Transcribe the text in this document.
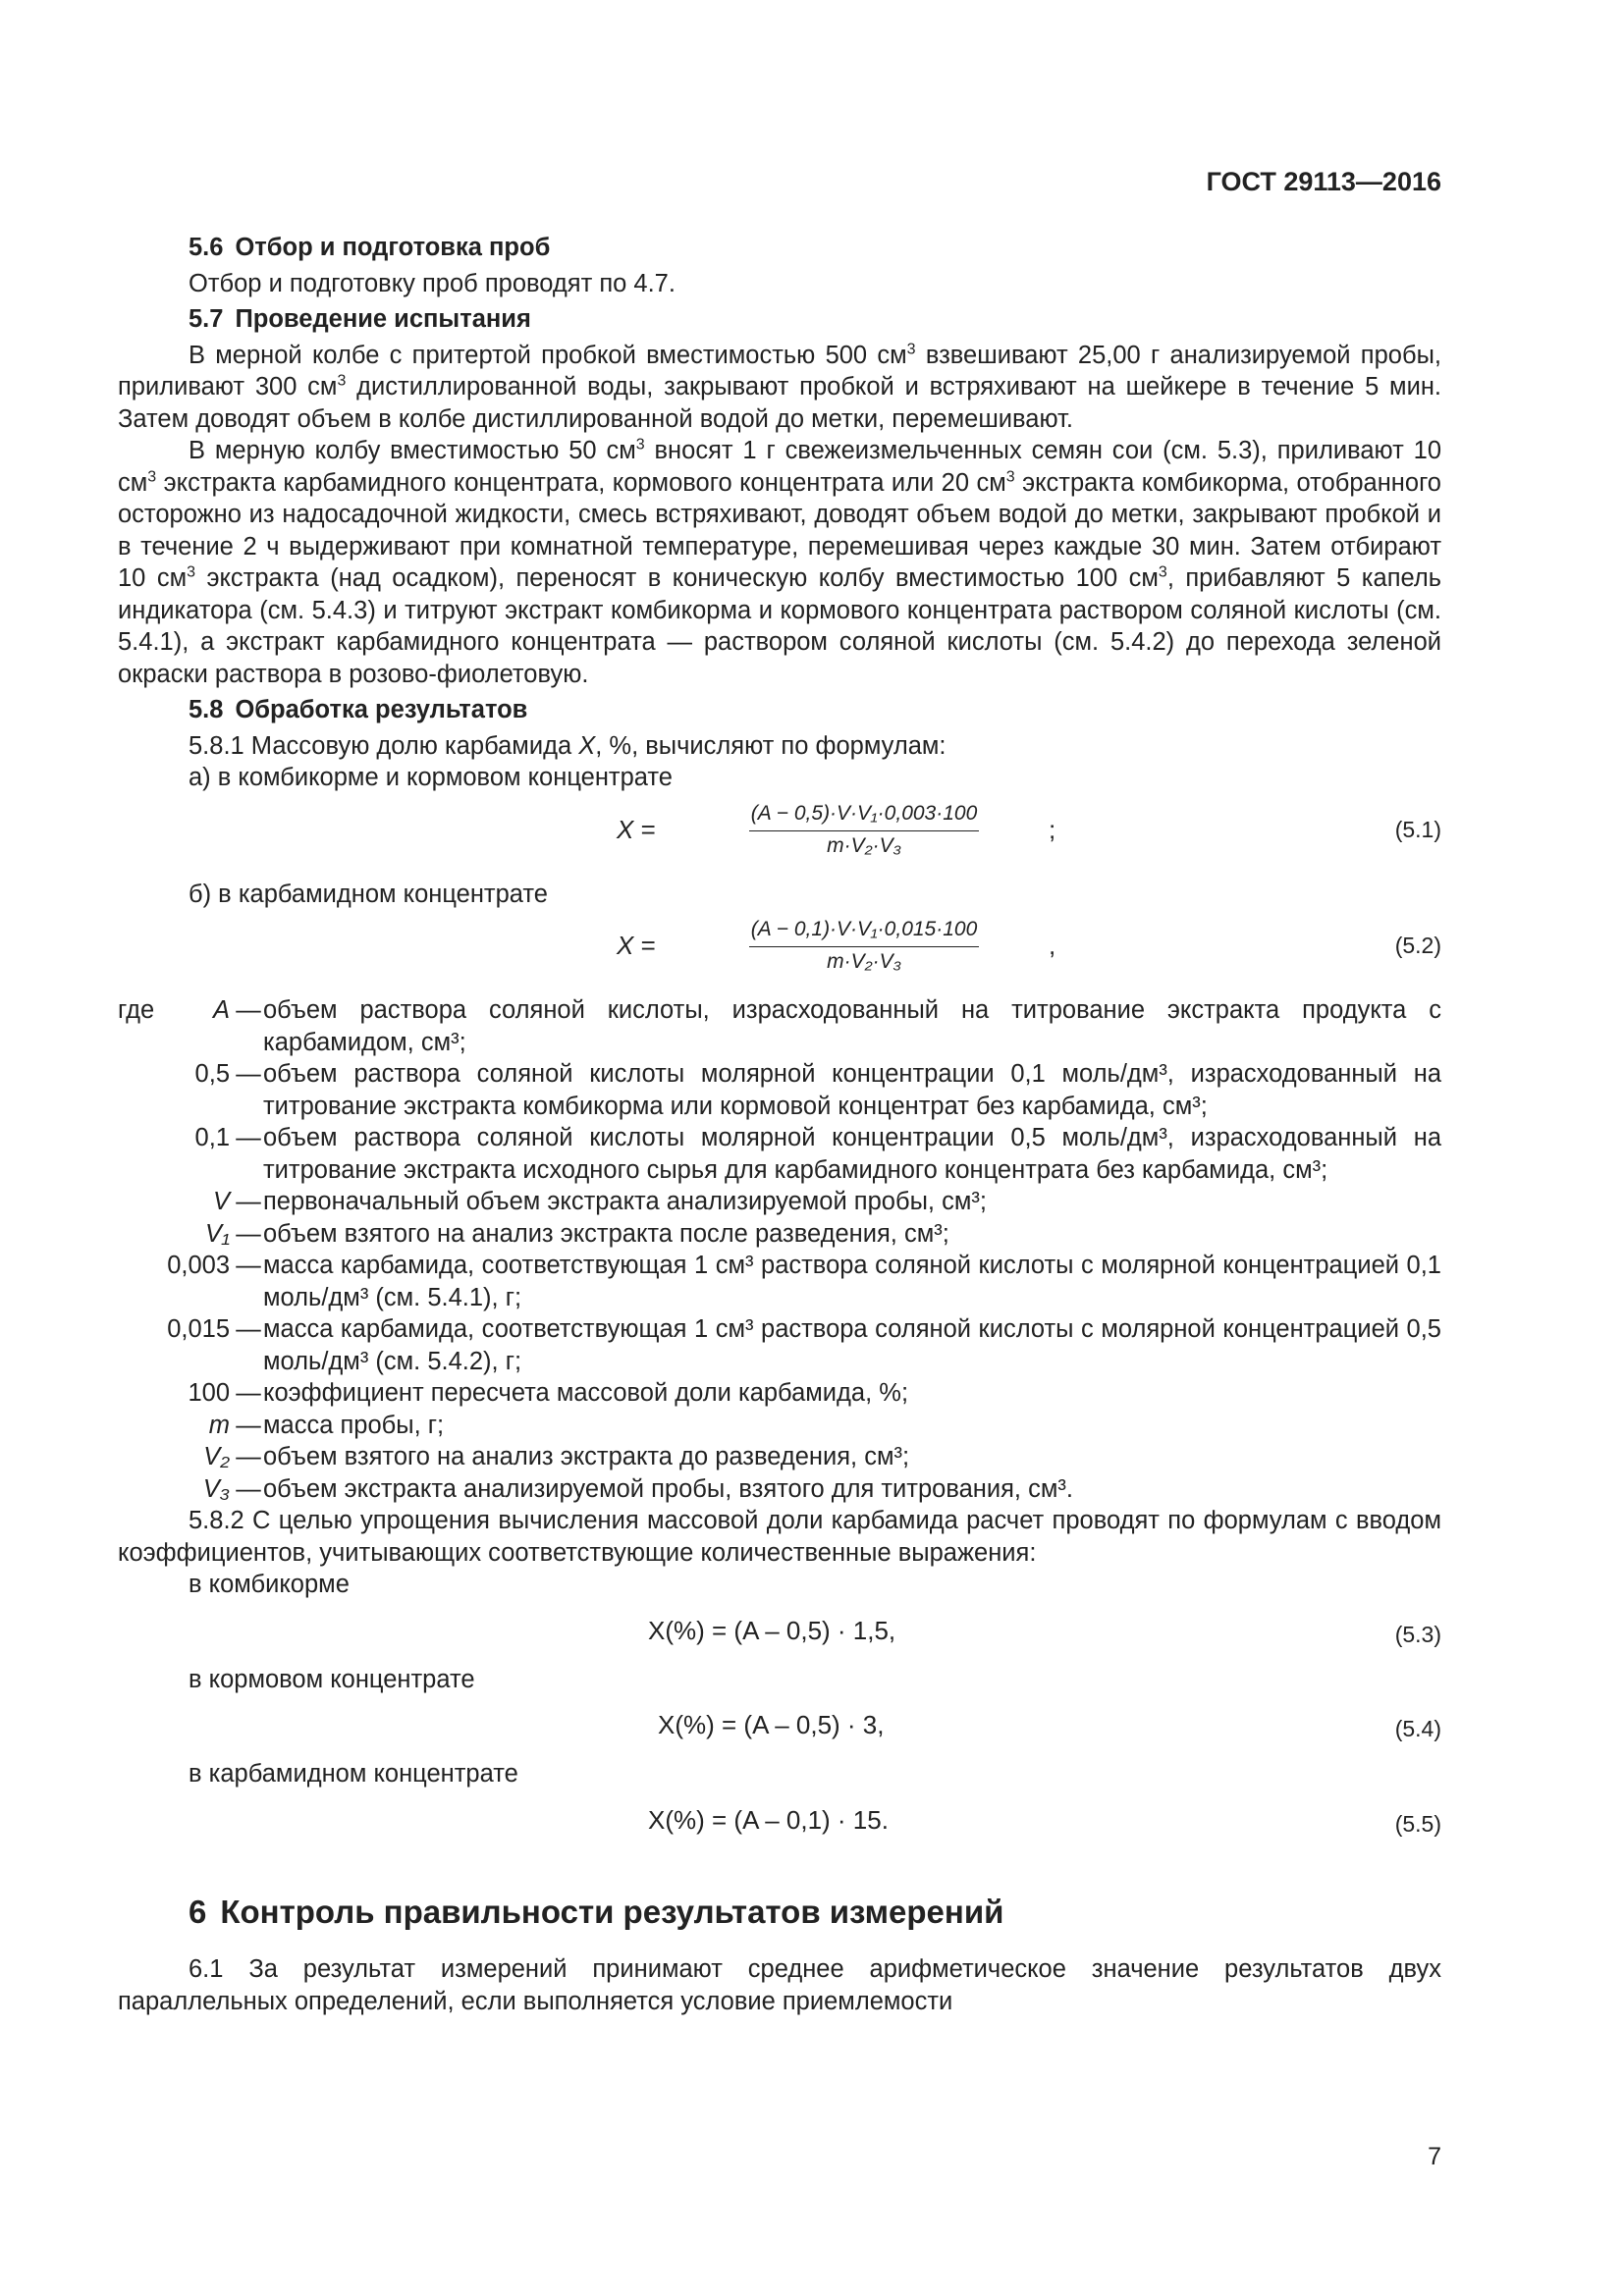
ГОСТ 29113—2016

5.6 Отбор и подготовка проб

Отбор и подготовку проб проводят по 4.7.

5.7 Проведение испытания

В мерной колбе с притертой пробкой вместимостью 500 $см^3$ взвешивают 25,00 г анализируемой пробы, приливают 300 $см^3$ дистиллированной воды, закрывают пробкой и встряхивают на шейкере в течение 5 мин. Затем доводят объем в колбе дистиллированной водой до метки, перемешивают.

В мерную колбу вместимостью 50 $см^3$ вносят 1 г свежеизмельченных семян сои (см. 5.3), приливают 10 $см^3$ экстракта карбамидного концентрата, кормового концентрата или 20 $см^3$ экстракта комбикорма, отобранного осторожно из надосадочной жидкости, смесь встряхивают, доводят объем водой до метки, закрывают пробкой и в течение 2 ч выдерживают при комнатной температуре, перемешивая через каждые 30 мин. Затем отбирают 10 $см^3$ экстракта (над осадком), переносят в коническую колбу вместимостью 100 $см^3$, прибавляют 5 капель индикатора (см. 5.4.3) и титруют экстракт комбикорма и кормового концентрата раствором соляной кислоты (см. 5.4.1), а экстракт карбамидного концентрата — раствором соляной кислоты (см. 5.4.2) до перехода зеленой окраски раствора в розово-фиолетовую.

5.8 Обработка результатов

5.8.1 Массовую долю карбамида X, %, вычисляют по формулам:

а) в комбикорме и кормовом концентрате

$X = \frac{\text{(A − 0,5)·V·V₁·0,003·100}}{\text{m·V₂·V₃}}$
;	(5.1)

б) в карбамидном концентрате

$X = \frac{\text{(A − 0,1)·V·V₁·0,015·100}}{\text{m·V₂·V₃}}$
,	(5.2)
где A — объем раствора соляной кислоты, израсходованный на титрование экстракта продукта с карбамидом, см³;
0,5 — объем раствора соляной кислоты молярной концентрации 0,1 моль/дм³, израсходованный на титрование экстракта комбикорма или кормовой концентрат без карбамида, см³;
0,1 — объем раствора соляной кислоты молярной концентрации 0,5 моль/дм³, израсходованный на титрование экстракта исходного сырья для карбамидного концентрата без карбамида, см³;
V — первоначальный объем экстракта анализируемой пробы, см³;
V₁ — объем взятого на анализ экстракта после разведения, см³;
0,003 — масса карбамида, соответствующая 1 см³ раствора соляной кислоты с молярной концентрацией 0,1 моль/дм³ (см. 5.4.1), г;
0,015 — масса карбамида, соответствующая 1 см³ раствора соляной кислоты с молярной концентрацией 0,5 моль/дм³ (см. 5.4.2), г;
100 — коэффициент пересчета массовой доли карбамида, %;
m — масса пробы, г;
V₂ — объем взятого на анализ экстракта до разведения, см³;
V₃ — объем экстракта анализируемой пробы, взятого для титрования, см³.

5.8.2 С целью упрощения вычисления массовой доли карбамида расчет проводят по формулам с вводом коэффициентов, учитывающих соответствующие количественные выражения:

в комбикорме

X(%) = (A – 0,5) · 1,5,	(5.3)

в кормовом концентрате

X(%) = (A – 0,5) · 3,	(5.4)

в карбамидном концентрате

X(%) = (A – 0,1) · 15.	(5.5)

6 Контроль правильности результатов измерений

6.1 За результат измерений принимают среднее арифметическое значение результатов двух параллельных определений, если выполняется условие приемлемости

7
